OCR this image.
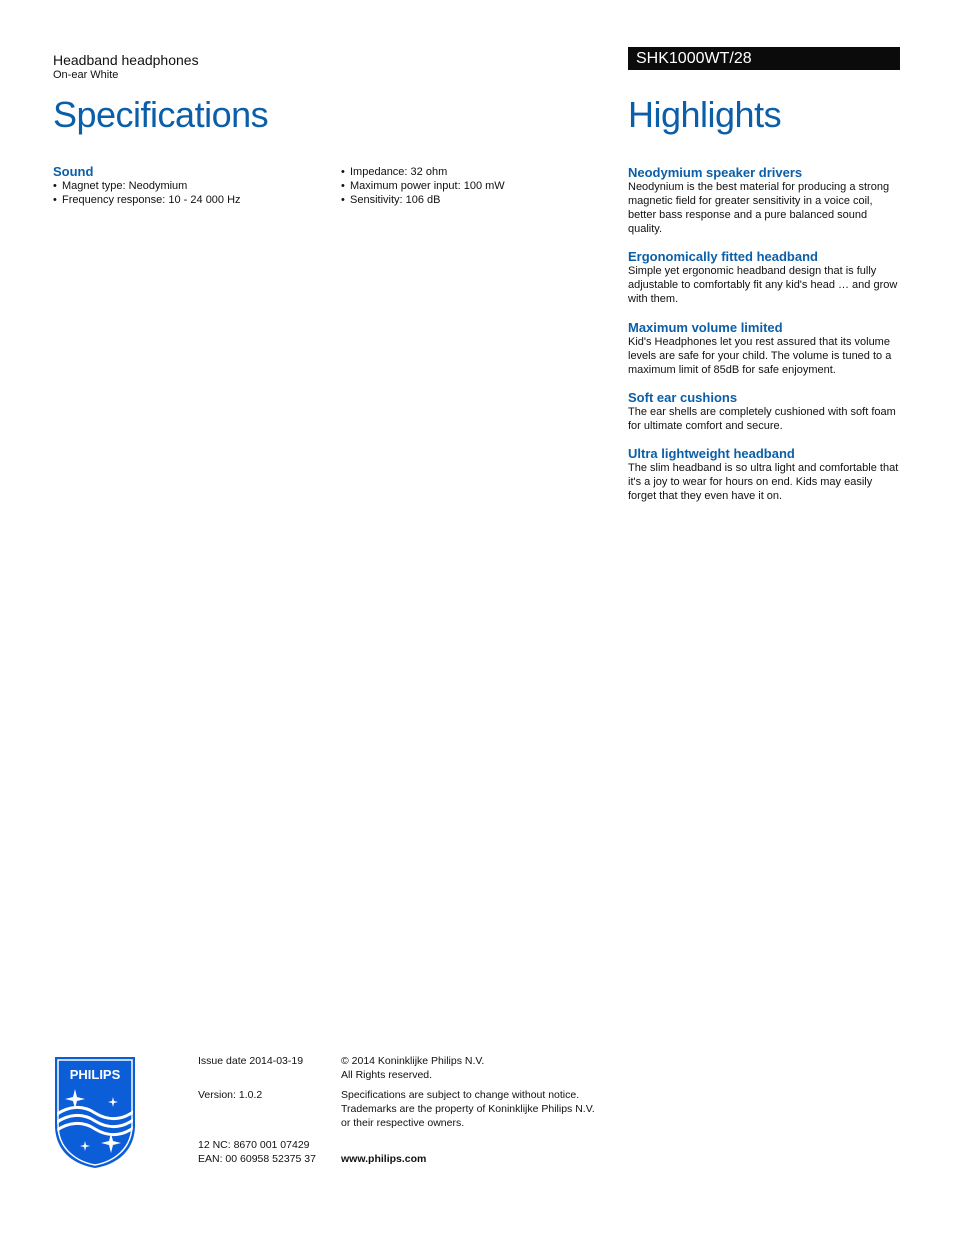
Headband headphones
On-ear White
SHK1000WT/28
Specifications	Highlights
Sound
• Magnet type: Neodymium
• Frequency response: 10 - 24 000 Hz
• Impedance: 32 ohm
• Maximum power input: 100 mW
• Sensitivity: 106 dB
Neodymium speaker drivers
Neodynium is the best material for producing a strong magnetic field for greater sensitivity in a voice coil, better bass response and a pure balanced sound quality.
Ergonomically fitted headband
Simple yet ergonomic headband design that is fully adjustable to comfortably fit any kid's head … and grow with them.
Maximum volume limited
Kid's Headphones let you rest assured that its volume levels are safe for your child. The volume is tuned to a maximum limit of 85dB for safe enjoyment.
Soft ear cushions
The ear shells are completely cushioned with soft foam for ultimate comfort and secure.
Ultra lightweight headband
The slim headband is so ultra light and comfortable that it's a joy to wear for hours on end. Kids may easily forget that they even have it on.
PHILIPS
Issue date 2014-03-19
Version: 1.0.2
12 NC: 8670 001 07429
EAN: 00 60958 52375 37
© 2014 Koninklijke Philips N.V.
All Rights reserved.
Specifications are subject to change without notice.
Trademarks are the property of Koninklijke Philips N.V.
or their respective owners.
www.philips.com
